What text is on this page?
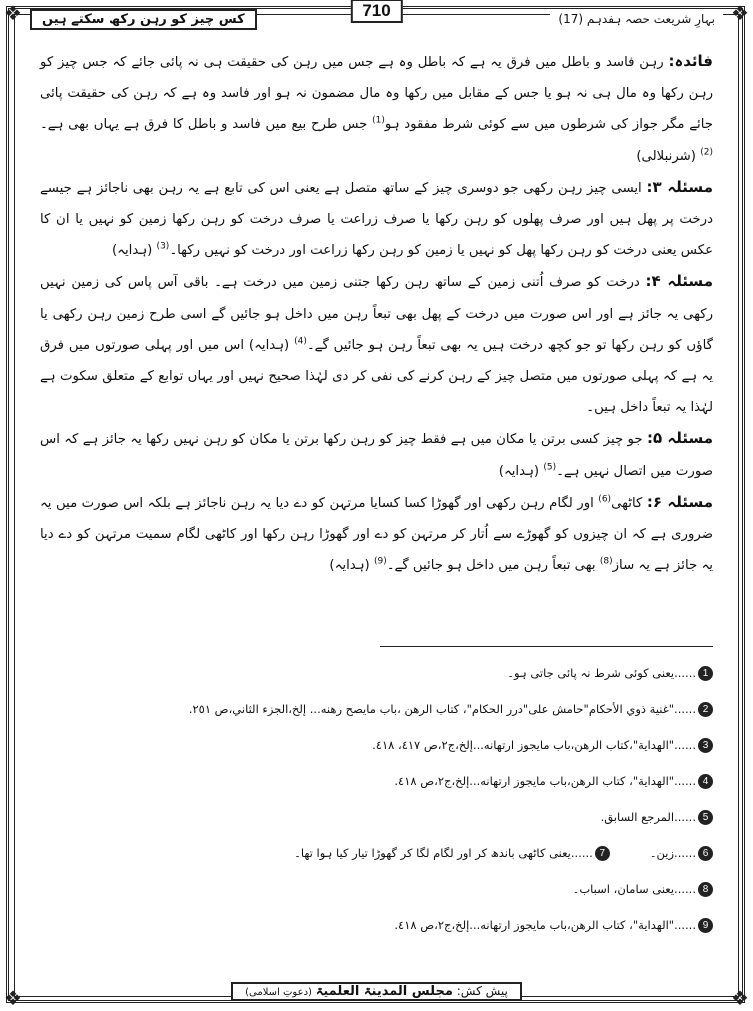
❖	❖
❖	❖
بہارِ شریعت حصہ ہفدہم (17)
کس چیز کو رہن رکھ سکتے ہیں	710

فائدہ: رہن فاسد و باطل میں فرق یہ ہے کہ باطل وہ ہے جس میں رہن کی حقیقت ہی نہ پائی جائے کہ جس چیز کو رہن رکھا وہ مال ہی نہ ہو یا جس کے مقابل میں رکھا وہ مال مضمون نہ ہو اور فاسد وہ ہے کہ رہن کی حقیقت پائی جائے مگر جواز کی شرطوں میں سے کوئی شرط مفقود ہو$^{(1)}$ جس طرح بیع میں فاسد و باطل کا فرق ہے یہاں بھی ہے۔$^{(2)}$ (شرنبلالی)

مسئلہ ۳: ایسی چیز رہن رکھی جو دوسری چیز کے ساتھ متصل ہے یعنی اس کی تابع ہے یہ رہن بھی ناجائز ہے جیسے درخت پر پھل ہیں اور صرف پھلوں کو رہن رکھا یا صرف زراعت یا صرف درخت کو رہن رکھا زمین کو نہیں یا ان کا عکس یعنی درخت کو رہن رکھا پھل کو نہیں یا زمین کو رہن رکھا زراعت اور درخت کو نہیں رکھا۔$^{(3)}$ (ہدایہ)

مسئلہ ۴: درخت کو صرف اُتنی زمین کے ساتھ رہن رکھا جتنی زمین میں درخت ہے۔ باقی آس پاس کی زمین نہیں رکھی یہ جائز ہے اور اس صورت میں درخت کے پھل بھی تبعاً رہن میں داخل ہو جائیں گے اسی طرح زمین رہن رکھی یا گاؤں کو رہن رکھا تو جو کچھ درخت ہیں یہ بھی تبعاً رہن ہو جائیں گے۔$^{(4)}$ (ہدایہ) اس میں اور پہلی صورتوں میں فرق یہ ہے کہ پہلی صورتوں میں متصل چیز کے رہن کرنے کی نفی کر دی لہٰذا صحیح نہیں اور یہاں توابع کے متعلق سکوت ہے لہٰذا یہ تبعاً داخل ہیں۔

مسئلہ ۵: جو چیز کسی برتن یا مکان میں ہے فقط چیز کو رہن رکھا برتن یا مکان کو رہن نہیں رکھا یہ جائز ہے کہ اس صورت میں اتصال نہیں ہے۔$^{(5)}$ (ہدایہ)

مسئلہ ۶: کاٹھی$^{(6)}$ اور لگام رہن رکھی اور گھوڑا کسا کسایا مرتہن کو دے دیا یہ رہن ناجائز ہے بلکہ اس صورت میں یہ ضروری ہے کہ ان چیزوں کو گھوڑے سے اُتار کر مرتہن کو دے اور گھوڑا رہن رکھا اور کاٹھی لگام سمیت مرتہن کو دے دیا یہ جائز ہے یہ ساز$^{(8)}$ بھی تبعاً رہن میں داخل ہو جائیں گے۔$^{(9)}$ (ہدایہ)

1
......یعنی کوئی شرط نہ پائی جاتی ہو۔

2
......"غنية ذوي الأحكام"حامش على"درر الحكام"، كتاب الرهن ،باب مايصح رهنه... إلخ،الجزء الثاني،ص ٢٥١.

3
......"الهداية"،كتاب الرهن،باب مايجوز ارتهانه...إلخ،ج٢،ص ٤١٧، ٤١٨.

4
......"الهداية"، كتاب الرهن،باب مايجوز ارتهانه...إلخ،ج٢،ص ٤١٨.

5
......المرجع السابق.

6
......زین۔
7
......یعنی کاٹھی باندھ کر اور لگام لگا کر گھوڑا تیار کیا ہوا تھا۔

8
......یعنی سامان، اسباب۔

9
......"الهداية"، كتاب الرهن،باب مايجوز ارتهانه...إلخ،ج٢،ص ٤١٨.

پیش کش: مجلس المدینۃ العلمیۃ (دعوتِ اسلامی)
